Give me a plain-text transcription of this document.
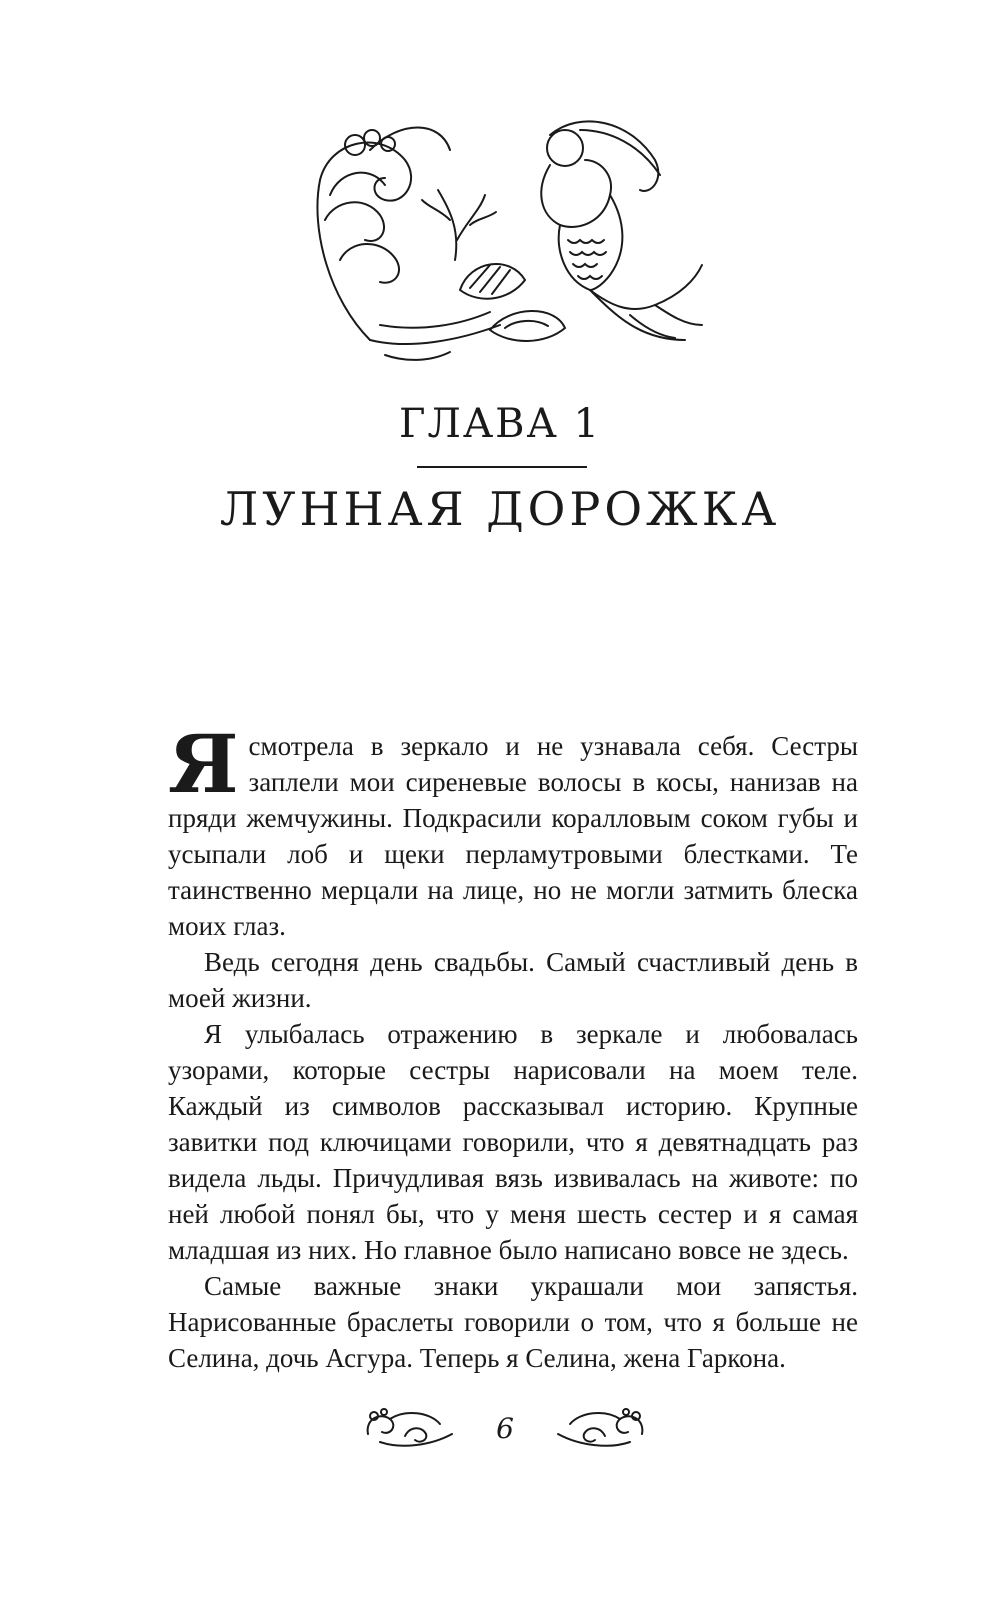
ГЛАВА 1
ЛУННАЯ ДОРОЖКА

Ясмотрела в зеркало и не узнавала себя. Сестры заплели мои сиреневые волосы в косы, нанизав на пряди жемчужины. Подкрасили коралловым соком губы и усыпали лоб и щеки перламутровыми блестками. Те таинственно мерцали на лице, но не могли затмить блеска моих глаз.

Ведь сегодня день свадьбы. Самый счастливый день в моей жизни.

Я улыбалась отражению в зеркале и любовалась узорами, которые сестры нарисовали на моем теле. Каждый из символов рассказывал историю. Крупные завитки под ключицами говорили, что я девятнадцать раз видела льды. Причудливая вязь извивалась на животе: по ней любой понял бы, что у меня шесть сестер и я самая младшая из них. Но главное было написано вовсе не здесь.

Самые важные знаки украшали мои запястья. Нарисованные браслеты говорили о том, что я больше не Селина, дочь Асгура. Теперь я Селина, жена Гаркона.

6
